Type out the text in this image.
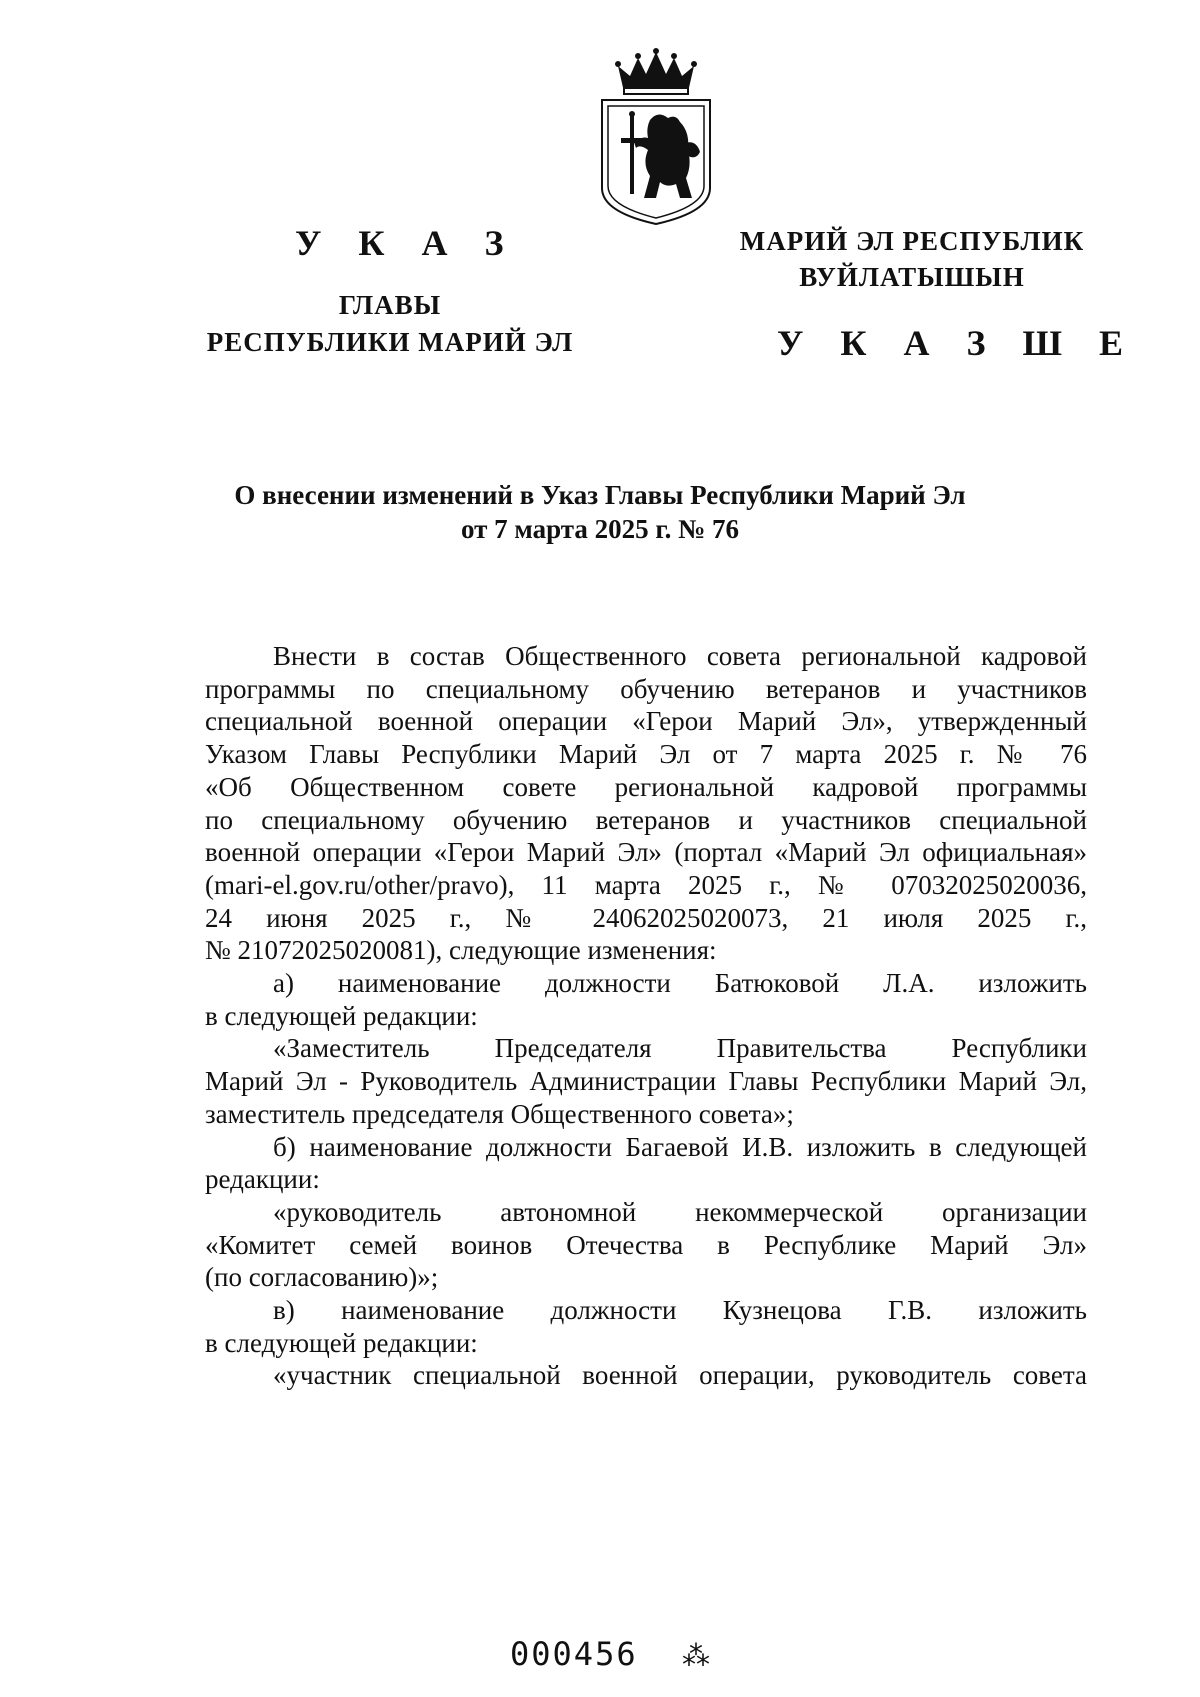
У К А З
ГЛАВЫ
РЕСПУБЛИКИ МАРИЙ ЭЛ
МАРИЙ ЭЛ РЕСПУБЛИК
ВУЙЛАТЫШЫН
У К А З Ш Е
О внесении изменений в Указ Главы Республики Марий Эл
от 7 марта 2025 г. № 76
Внести в состав Общественного совета региональной кадровой
программы по специальному обучению ветеранов и участников
специальной военной операции «Герои Марий Эл», утвержденный
Указом Главы Республики Марий Эл от 7 марта 2025 г. № 76
«Об Общественном совете региональной кадровой программы
по специальному обучению ветеранов и участников специальной
военной операции «Герои Марий Эл» (портал «Марий Эл официальная»
(mari-el.gov.ru/other/pravo), 11 марта 2025 г., № 07032025020036,
24 июня 2025 г., № 24062025020073, 21 июля 2025 г.,
№ 21072025020081), следующие изменения:
а) наименование должности Батюковой Л.А. изложить
в следующей редакции:
«Заместитель Председателя Правительства Республики
Марий Эл - Руководитель Администрации Главы Республики Марий Эл,
заместитель председателя Общественного совета»;
б) наименование должности Багаевой И.В. изложить в следующей
редакции:
«руководитель автономной некоммерческой организации
«Комитет семей воинов Отечества в Республике Марий Эл»
(по согласованию)»;
в) наименование должности Кузнецова Г.В. изложить
в следующей редакции:
«участник специальной военной операции, руководитель совета
000456 ⁂
